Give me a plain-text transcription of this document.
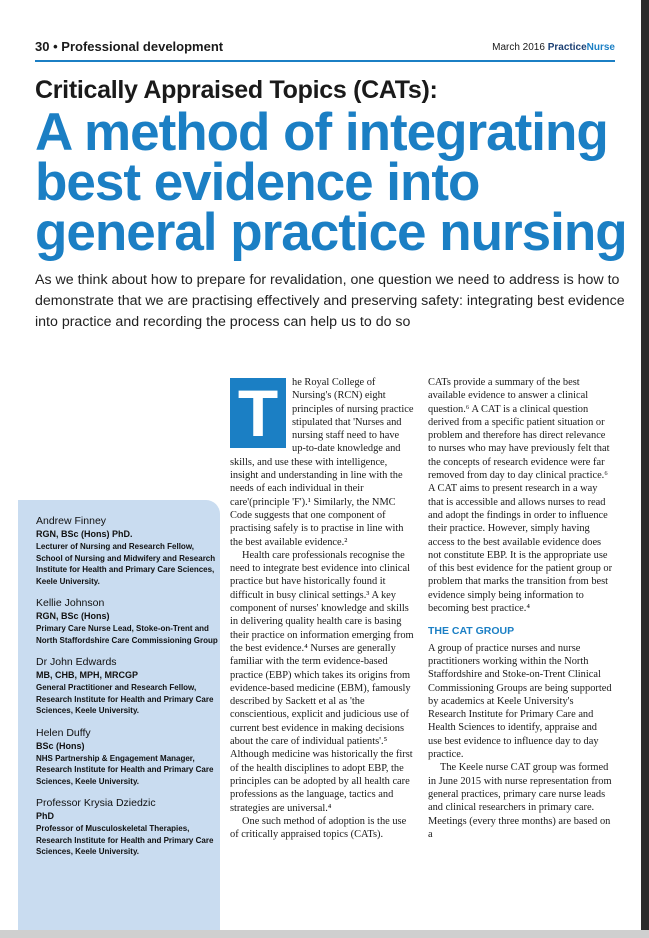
30 • Professional development	March 2016 PracticeNurse
Critically Appraised Topics (CATs):
A method of integrating
best evidence into
general practice nursing
As we think about how to prepare for revalidation, one question we need to address is how to demonstrate that we are practising effectively and preserving safety: integrating best evidence into practice and recording the process can help us to do so
Andrew Finney
RGN, BSc (Hons) PhD.
Lecturer of Nursing and Research Fellow, School of Nursing and Midwifery and Research Institute for Health and Primary Care Sciences, Keele University.
Kellie Johnson
RGN, BSc (Hons)
Primary Care Nurse Lead, Stoke-on-Trent and North Staffordshire Care Commissioning Group
Dr John Edwards
MB, CHB, MPH, MRCGP
General Practitioner and Research Fellow, Research Institute for Health and Primary Care Sciences, Keele University.
Helen Duffy
BSc (Hons)
NHS Partnership & Engagement Manager, Research Institute for Health and Primary Care Sciences, Keele University.
Professor Krysia Dziedzic
PhD
Professor of Musculoskeletal Therapies, Research Institute for Health and Primary Care Sciences, Keele University.

T	he Royal College of Nursing's (RCN) eight principles of nursing practice stipulated that 'Nurses and nursing staff need to have up-to-date knowledge and skills, and use these with intelligence, insight and understanding in line with the needs of each individual in their care'(principle 'F').¹ Similarly, the NMC Code suggests that one component of practising safely is to practise in line with the best available evidence.²

Health care professionals recognise the need to integrate best evidence into clinical practice but have historically found it difficult in busy clinical settings.³ A key component of nurses' knowledge and skills in delivering quality health care is basing their practice on information emerging from the best evidence.⁴ Nurses are generally familiar with the term evidence-based practice (EBP) which takes its origins from evidence-based medicine (EBM), famously described by Sackett et al as 'the conscientious, explicit and judicious use of current best evidence in making decisions about the care of individual patients'.⁵ Although medicine was historically the first of the health disciplines to adopt EBP, the principles can be adopted by all health care professions as the language, tactics and strategies are universal.⁴

One such method of adoption is the use of critically appraised topics (CATs).

CATs provide a summary of the best available evidence to answer a clinical question.⁶ A CAT is a clinical question derived from a specific patient situation or problem and therefore has direct relevance to nurses who may have previously felt that the concepts of research evidence were far removed from day to day clinical practice.⁶ A CAT aims to present research in a way that is accessible and allows nurses to read and adopt the findings in order to influence their practice. However, simply having access to the best available evidence does not constitute EBP. It is the appropriate use of this best evidence for the patient group or problem that marks the transition from best evidence simply being information to becoming best practice.⁴

THE CAT GROUP

A group of practice nurses and nurse practitioners working within the North Staffordshire and Stoke-on-Trent Clinical Commissioning Groups are being supported by academics at Keele University's Research Institute for Primary Care and Health Sciences to identify, appraise and use best evidence to influence day to day practice.

The Keele nurse CAT group was formed in June 2015 with nurse representation from general practices, primary care nurse leads and clinical researchers in primary care. Meetings (every three months) are based on a
